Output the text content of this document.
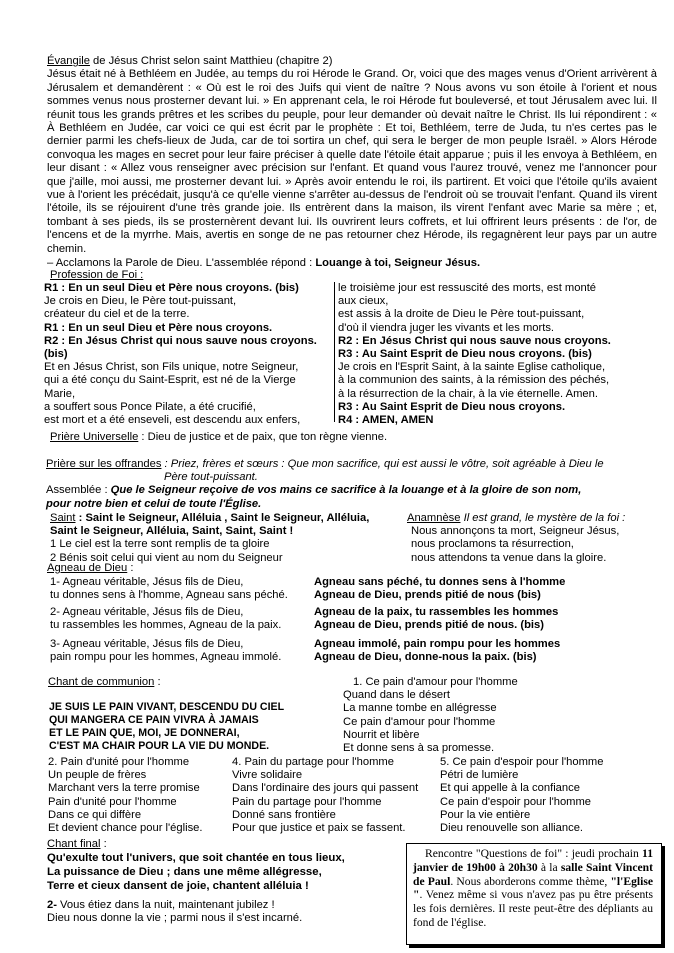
Évangile de Jésus Christ selon saint Matthieu (chapitre 2)

Jésus était né à Bethléem en Judée, au temps du roi Hérode le Grand. Or, voici que des mages venus d'Orient arrivèrent à Jérusalem et demandèrent : « Où est le roi des Juifs qui vient de naître ? Nous avons vu son étoile à l'orient et nous sommes venus nous prosterner devant lui. » En apprenant cela, le roi Hérode fut bouleversé, et tout Jérusalem avec lui. Il réunit tous les grands prêtres et les scribes du peuple, pour leur demander où devait naître le Christ. Ils lui répondirent : « À Bethléem en Judée, car voici ce qui est écrit par le prophète : Et toi, Bethléem, terre de Juda, tu n'es certes pas le dernier parmi les chefs-lieux de Juda, car de toi sortira un chef, qui sera le berger de mon peuple Israël. » Alors Hérode convoqua les mages en secret pour leur faire préciser à quelle date l'étoile était apparue ; puis il les envoya à Bethléem, en leur disant : « Allez vous renseigner avec précision sur l'enfant. Et quand vous l'aurez trouvé, venez me l'annoncer pour que j'aille, moi aussi, me prosterner devant lui. » Après avoir entendu le roi, ils partirent. Et voici que l'étoile qu'ils avaient vue à l'orient les précédait, jusqu'à ce qu'elle vienne s'arrêter au-dessus de l'endroit où se trouvait l'enfant. Quand ils virent l'étoile, ils se réjouirent d'une très grande joie. Ils entrèrent dans la maison, ils virent l'enfant avec Marie sa mère ; et, tombant à ses pieds, ils se prosternèrent devant lui. Ils ouvrirent leurs coffrets, et lui offrirent leurs présents : de l'or, de l'encens et de la myrrhe. Mais, avertis en songe de ne pas retourner chez Hérode, ils regagnèrent leur pays par un autre chemin.

– Acclamons la Parole de Dieu. L'assemblée répond : Louange à toi, Seigneur Jésus.

Profession de Foi :
R1 : En un seul Dieu et Père nous croyons. (bis)
Je crois en Dieu, le Père tout-puissant,
créateur du ciel et de la terre.
R1 : En un seul Dieu et Père nous croyons.
R2 : En Jésus Christ qui nous sauve nous croyons.
(bis)
Et en Jésus Christ, son Fils unique, notre Seigneur,
qui a été conçu du Saint-Esprit, est né de la Vierge
Marie,
a souffert sous Ponce Pilate, a été crucifié,
est mort et a été enseveli, est descendu aux enfers,
le troisième jour est ressuscité des morts, est monté
aux cieux,
est assis à la droite de Dieu le Père tout-puissant,
d'où il viendra juger les vivants et les morts.
R2 : En Jésus Christ qui nous sauve nous croyons.
R3 : Au Saint Esprit de Dieu nous croyons. (bis)
Je crois en l'Esprit Saint, à la sainte Eglise catholique,
à la communion des saints, à la rémission des péchés,
à la résurrection de la chair, à la vie éternelle. Amen.
R3 : Au Saint Esprit de Dieu nous croyons.
R4 : AMEN, AMEN
Prière Universelle : Dieu de justice et de paix, que ton règne vienne.
Prière sur les offrandes : Priez, frères et sœurs : Que mon sacrifice, qui est aussi le vôtre, soit agréable à Dieu le
Père tout-puissant.
Assemblée : Que le Seigneur reçoive de vos mains ce sacrifice à la louange et à la gloire de son nom,
pour notre bien et celui de toute l'Église.
Saint : Saint le Seigneur, Alléluia , Saint le Seigneur, Alléluia,
Saint le Seigneur, Alléluia, Saint, Saint, Saint !
1 Le ciel est la terre sont remplis de ta gloire
2 Bénis soit celui qui vient au nom du Seigneur
Anamnèse Il est grand, le mystère de la foi :
Nous annonçons ta mort, Seigneur Jésus,
nous proclamons ta résurrection,
nous attendons ta venue dans la gloire.
Agneau de Dieu :
1- Agneau véritable, Jésus fils de Dieu,
tu donnes sens à l'homme, Agneau sans péché.
Agneau sans péché, tu donnes sens à l'homme
Agneau de Dieu, prends pitié de nous (bis)
2- Agneau véritable, Jésus fils de Dieu,
tu rassembles les hommes, Agneau de la paix.
Agneau de la paix, tu rassembles les hommes
Agneau de Dieu, prends pitié de nous. (bis)
3- Agneau véritable, Jésus fils de Dieu,
pain rompu pour les hommes, Agneau immolé.
Agneau immolé, pain rompu pour les hommes
Agneau de Dieu, donne-nous la paix. (bis)
Chant de communion :
JE SUIS LE PAIN VIVANT, DESCENDU DU CIEL
QUI MANGERA CE PAIN VIVRA À JAMAIS
ET LE PAIN QUE, MOI, JE DONNERAI,
C'EST MA CHAIR POUR LA VIE DU MONDE.
1. Ce pain d'amour pour l'homme
Quand dans le désert
La manne tombe en allégresse
Ce pain d'amour pour l'homme
Nourrit et libère
Et donne sens à sa promesse.
2. Pain d'unité pour l'homme
Un peuple de frères
Marchant vers la terre promise
Pain d'unité pour l'homme
Dans ce qui diffère
Et devient chance pour l'église.
4. Pain du partage pour l'homme
Vivre solidaire
Dans l'ordinaire des jours qui passent
Pain du partage pour l'homme
Donné sans frontière
Pour que justice et paix se fassent.
5. Ce pain d'espoir pour l'homme
Pétri de lumière
Et qui appelle à la confiance
Ce pain d'espoir pour l'homme
Pour la vie entière
Dieu renouvelle son alliance.
Chant final :
Qu'exulte tout l'univers, que soit chantée en tous lieux,
La puissance de Dieu ; dans une même allégresse,
Terre et cieux dansent de joie, chantent alléluia !
2- Vous étiez dans la nuit, maintenant jubilez !
Dieu nous donne la vie ; parmi nous il s'est incarné.
Rencontre "Questions de foi" : jeudi prochain 11 janvier de 19h00 à 20h30 à la salle Saint Vincent de Paul. Nous aborderons comme thème, "l'Eglise ". Venez même si vous n'avez pas pu être présents les fois dernières. Il reste peut-être des dépliants au fond de l'église.
